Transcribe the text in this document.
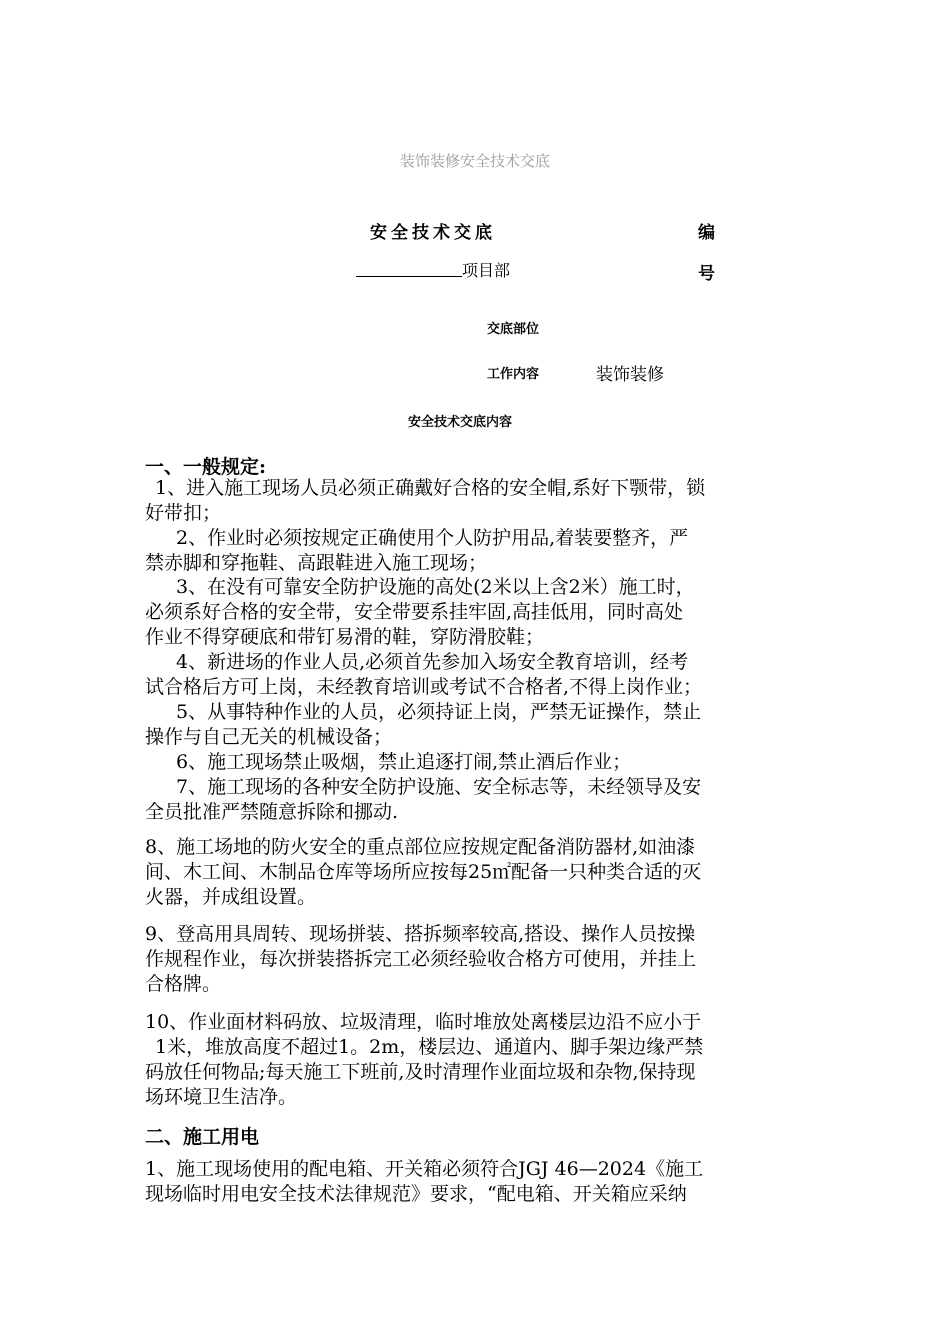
装饰装修安全技术交底
安全技术交底	编
号
项目部
交底部位
工作内容	装饰装修
安全技术交底内容
一、一般规定:
1、进入施工现场人员必须正确戴好合格的安全帽,系好下颚带，锁
好带扣；
2、作业时必须按规定正确使用个人防护用品,着装要整齐，严
禁赤脚和穿拖鞋、高跟鞋进入施工现场；
3、在没有可靠安全防护设施的高处(2米以上含2米）施工时，
必须系好合格的安全带，安全带要系挂牢固,高挂低用，同时高处
作业不得穿硬底和带钉易滑的鞋，穿防滑胶鞋；
4、新进场的作业人员,必须首先参加入场安全教育培训，经考
试合格后方可上岗，未经教育培训或考试不合格者,不得上岗作业；
5、从事特种作业的人员，必须持证上岗，严禁无证操作，禁止
操作与自己无关的机械设备；
6、施工现场禁止吸烟，禁止追逐打闹,禁止酒后作业；
7、施工现场的各种安全防护设施、安全标志等，未经领导及安
全员批准严禁随意拆除和挪动.
8、施工场地的防火安全的重点部位应按规定配备消防器材,如油漆
间、木工间、木制品仓库等场所应按每25㎡配备一只种类合适的灭
火器，并成组设置。
9、登高用具周转、现场拼装、搭拆频率较高,搭设、操作人员按操
作规程作业，每次拼装搭拆完工必须经验收合格方可使用，并挂上
合格牌。
10、作业面材料码放、垃圾清理，临时堆放处离楼层边沿不应小于
1米，堆放高度不超过1。2m，楼层边、通道内、脚手架边缘严禁
码放任何物品;每天施工下班前,及时清理作业面垃圾和杂物,保持现
场环境卫生洁净。
二、施工用电
1、施工现场使用的配电箱、开关箱必须符合JGJ 46—2024《施工
现场临时用电安全技术法律规范》要求，“配电箱、开关箱应采纳
